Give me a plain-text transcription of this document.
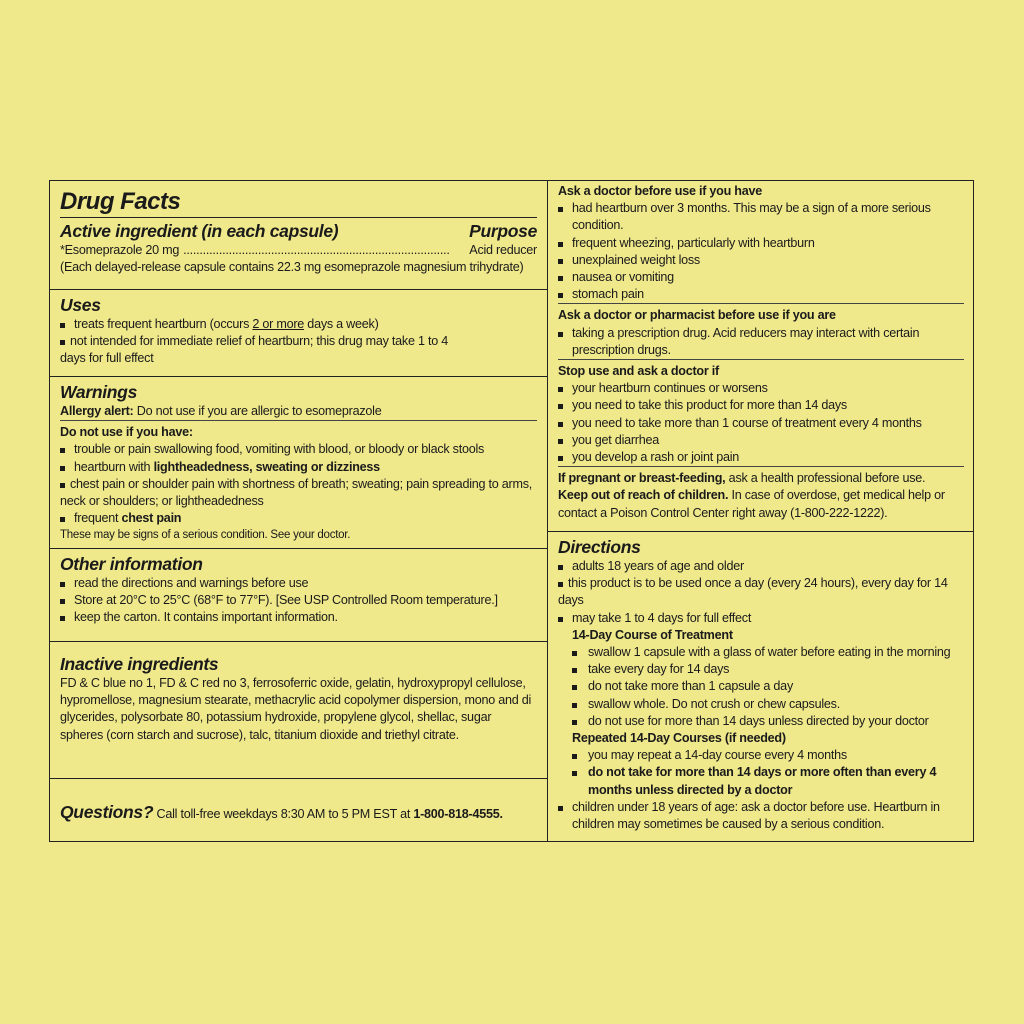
Drug Facts
Active ingredient (in each capsule)	Purpose
*Esomeprazole 20 mg ..................................................................................	Acid reducer
(Each delayed-release capsule contains 22.3 mg esomeprazole magnesium trihydrate)
Uses
treats frequent heartburn (occurs 2 or more days a week)
not intended for immediate relief of heartburn; this drug may take 1 to 4 days for full effect
Warnings
Allergy alert: Do not use if you are allergic to esomeprazole
Do not use if you have:
trouble or pain swallowing food, vomiting with blood, or bloody or black stools
heartburn with lightheadedness, sweating or dizziness
chest pain or shoulder pain with shortness of breath; sweating; pain spreading to arms, neck or shoulders; or lightheadedness
frequent chest pain
These may be signs of a serious condition. See your doctor.
Other information
read the directions and warnings before use
Store at 20°C to 25°C (68°F to 77°F). [See USP Controlled Room temperature.]
keep the carton. It contains important information.
Inactive ingredients
FD & C blue no 1, FD & C red no 3, ferrosoferric oxide, gelatin, hydroxypropyl cellulose, hypromellose, magnesium stearate, methacrylic acid copolymer dispersion, mono and di glycerides, polysorbate 80, potassium hydroxide, propylene glycol, shellac, sugar spheres (corn starch and sucrose), talc, titanium dioxide and triethyl citrate.
Questions? Call toll-free weekdays 8:30 AM to 5 PM EST at 1-800-818-4555.
Ask a doctor before use if you have
had heartburn over 3 months. This may be a sign of a more serious condition.
frequent wheezing, particularly with heartburn
unexplained weight loss
nausea or vomiting
stomach pain
Ask a doctor or pharmacist before use if you are
taking a prescription drug. Acid reducers may interact with certain prescription drugs.
Stop use and ask a doctor if
your heartburn continues or worsens
you need to take this product for more than 14 days
you need to take more than 1 course of treatment every 4 months
you get diarrhea
you develop a rash or joint pain
If pregnant or breast-feeding, ask a health professional before use.
Keep out of reach of children. In case of overdose, get medical help or contact a Poison Control Center right away (1-800-222-1222).
Directions
adults 18 years of age and older
this product is to be used once a day (every 24 hours), every day for 14 days
may take 1 to 4 days for full effect
14-Day Course of Treatment
swallow 1 capsule with a glass of water before eating in the morning
take every day for 14 days
do not take more than 1 capsule a day
swallow whole. Do not crush or chew capsules.
do not use for more than 14 days unless directed by your doctor
Repeated 14-Day Courses (if needed)
you may repeat a 14-day course every 4 months
do not take for more than 14 days or more often than every 4 months unless directed by a doctor
children under 18 years of age: ask a doctor before use. Heartburn in children may sometimes be caused by a serious condition.
